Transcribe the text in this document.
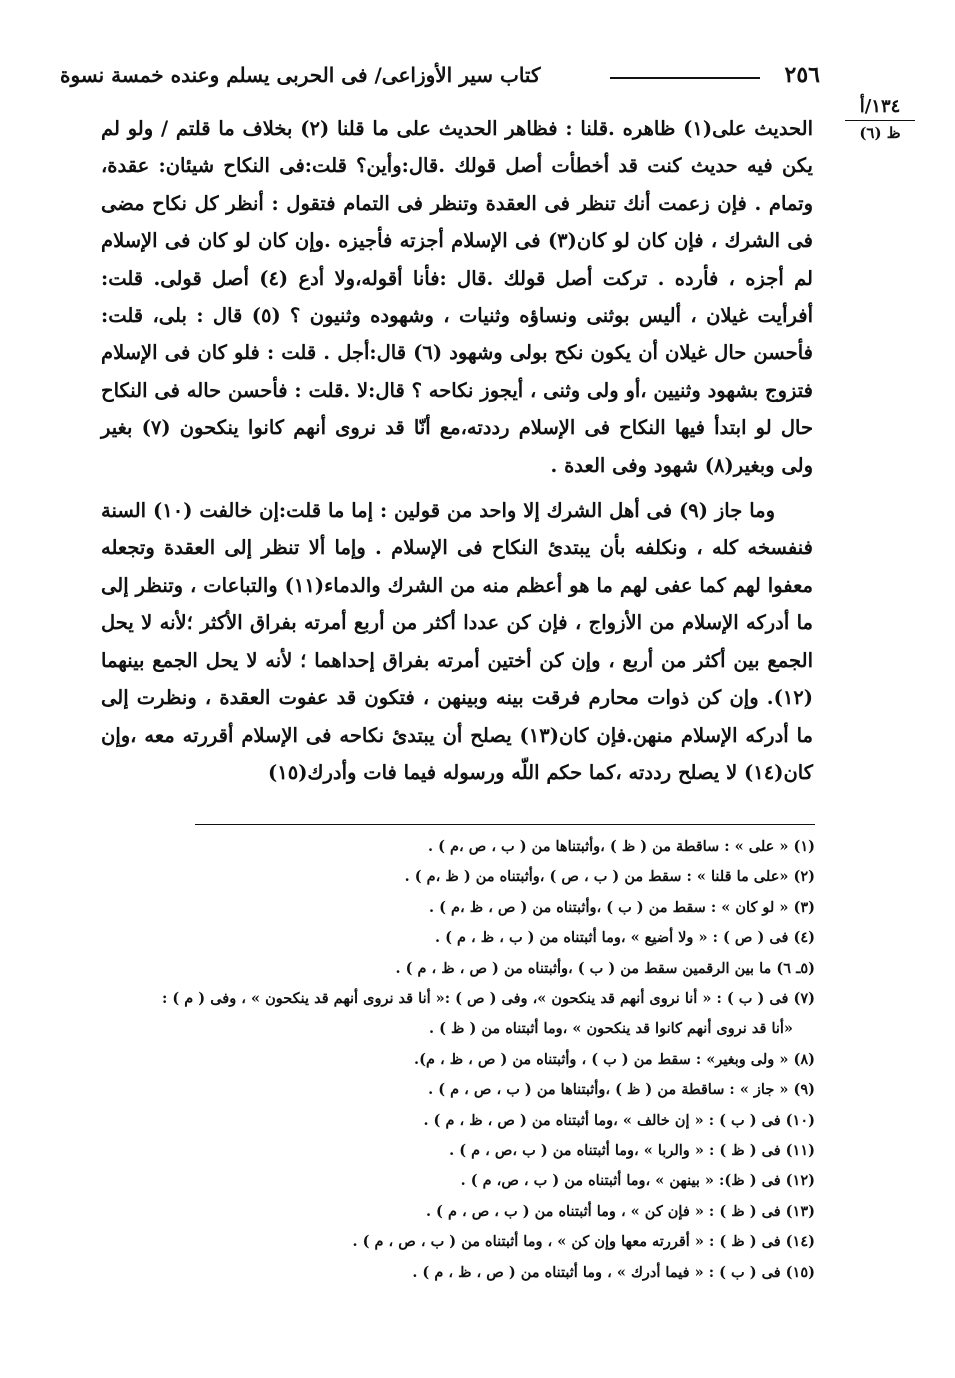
٢٥٦
كتاب سير الأوزاعى/ فى الحربى يسلم وعنده خمسة نسوة
١٣٤/أ
ظ (٦)

الحديث على(١) ظاهره .قلنا : فظاهر الحديث على ما قلنا (٢) بخلاف ما قلتم / ولو لم يكن فيه حديث كنت قد أخطأت أصل قولك .قال:وأين؟ قلت:فى النكاح شيئان: عقدة، وتمام . فإن زعمت أنك تنظر فى العقدة وتنظر فى التمام فتقول : أنظر كل نكاح مضى فى الشرك ، فإن كان لو كان(٣) فى الإسلام أجزته فأجيزه .وإن كان لو كان فى الإسلام لم أجزه ، فأرده . تركت أصل قولك .قال :فأنا أقوله،ولا أدع (٤) أصل قولى. قلت: أفرأيت غيلان ، أليس بوثنى ونساؤه وثنيات ، وشهوده وثنيون ؟ (٥) قال : بلى، قلت: فأحسن حال غيلان أن يكون نكح بولى وشهود (٦) قال:أجل . قلت : فلو كان فى الإسلام فتزوج بشهود وثنيين ،أو ولى وثنى ، أيجوز نكاحه ؟ قال:لا .قلت : فأحسن حاله فى النكاح حال لو ابتدأ فيها النكاح فى الإسلام رددته،مع أنّا قد نروى أنهم كانوا ينكحون (٧) بغير ولى وبغير(٨) شهود وفى العدة .

وما جاز (٩) فى أهل الشرك إلا واحد من قولين : إما ما قلت:إن خالفت (١٠) السنة فنفسخه كله ، ونكلفه بأن يبتدئ النكاح فى الإسلام . وإما ألا تنظر إلى العقدة وتجعله معفوا لهم كما عفى لهم ما هو أعظم منه من الشرك والدماء(١١) والتباعات ، وتنظر إلى ما أدركه الإسلام من الأزواج ، فإن كن عددا أكثر من أربع أمرته بفراق الأكثر ؛لأنه لا يحل الجمع بين أكثر من أربع ، وإن كن أختين أمرته بفراق إحداهما ؛ لأنه لا يحل الجمع بينهما (١٢). وإن كن ذوات محارم فرقت بينه وبينهن ، فتكون قد عفوت العقدة ، ونظرت إلى ما أدركه الإسلام منهن.فإن كان(١٣) يصلح أن يبتدئ نكاحه فى الإسلام أقررته معه ،وإن كان(١٤) لا يصلح رددته ،كما حكم اللّه ورسوله فيما فات وأدرك(١٥)

(١) « على » : ساقطة من ( ظ ) ،وأثبتناها من ( ب ، ص ،م ) .

(٢) «على ما قلنا » : سقط من ( ب ، ص ) ،وأثبتناه من ( ظ ،م ) .

(٣) « لو كان » : سقط من ( ب ) ،وأثبتناه من ( ص ، ظ ،م ) .

(٤) فى ( ص ) : « ولا أضيع » ،وما أثبتناه من ( ب ، ظ ، م ) .

(٥ـ ٦) ما بين الرقمين سقط من ( ب ) ،وأثبتناه من ( ص ، ظ ، م ) .

(٧) فى ( ب ) : « أنا نروى أنهم قد ينكحون »، وفى ( ص ) :« أنا قد نروى أنهم قد ينكحون » ، وفى ( م ) :

«أنا قد نروى أنهم كانوا قد ينكحون » ،وما أثبتناه من ( ظ ) .

(٨) « ولى وبغير» : سقط من ( ب ) ، وأثبتناه من ( ص ، ظ ، م).

(٩) « جاز » : ساقطة من ( ظ ) ،وأثبتناها من ( ب ، ص ، م ) .

(١٠) فى ( ب ) : « إن خالف » ،وما أثبتناه من ( ص ، ظ ، م ) .

(١١) فى ( ظ ) : « والربا » ،وما أثبتناه من ( ب ،ص ، م ) .

(١٢) فى ( ظ): « بينهن » ،وما أثبتناه من ( ب ، ص، م ) .

(١٣) فى ( ظ ) : « فإن كن » ، وما أثبتناه من ( ب ، ص ، م ) .

(١٤) فى ( ظ ) : « أقررته معها وإن كن » ، وما أثبتناه من ( ب ، ص ، م ) .

(١٥) فى ( ب ) : « فيما أدرك » ، وما أثبتناه من ( ص ، ظ ، م ) .
